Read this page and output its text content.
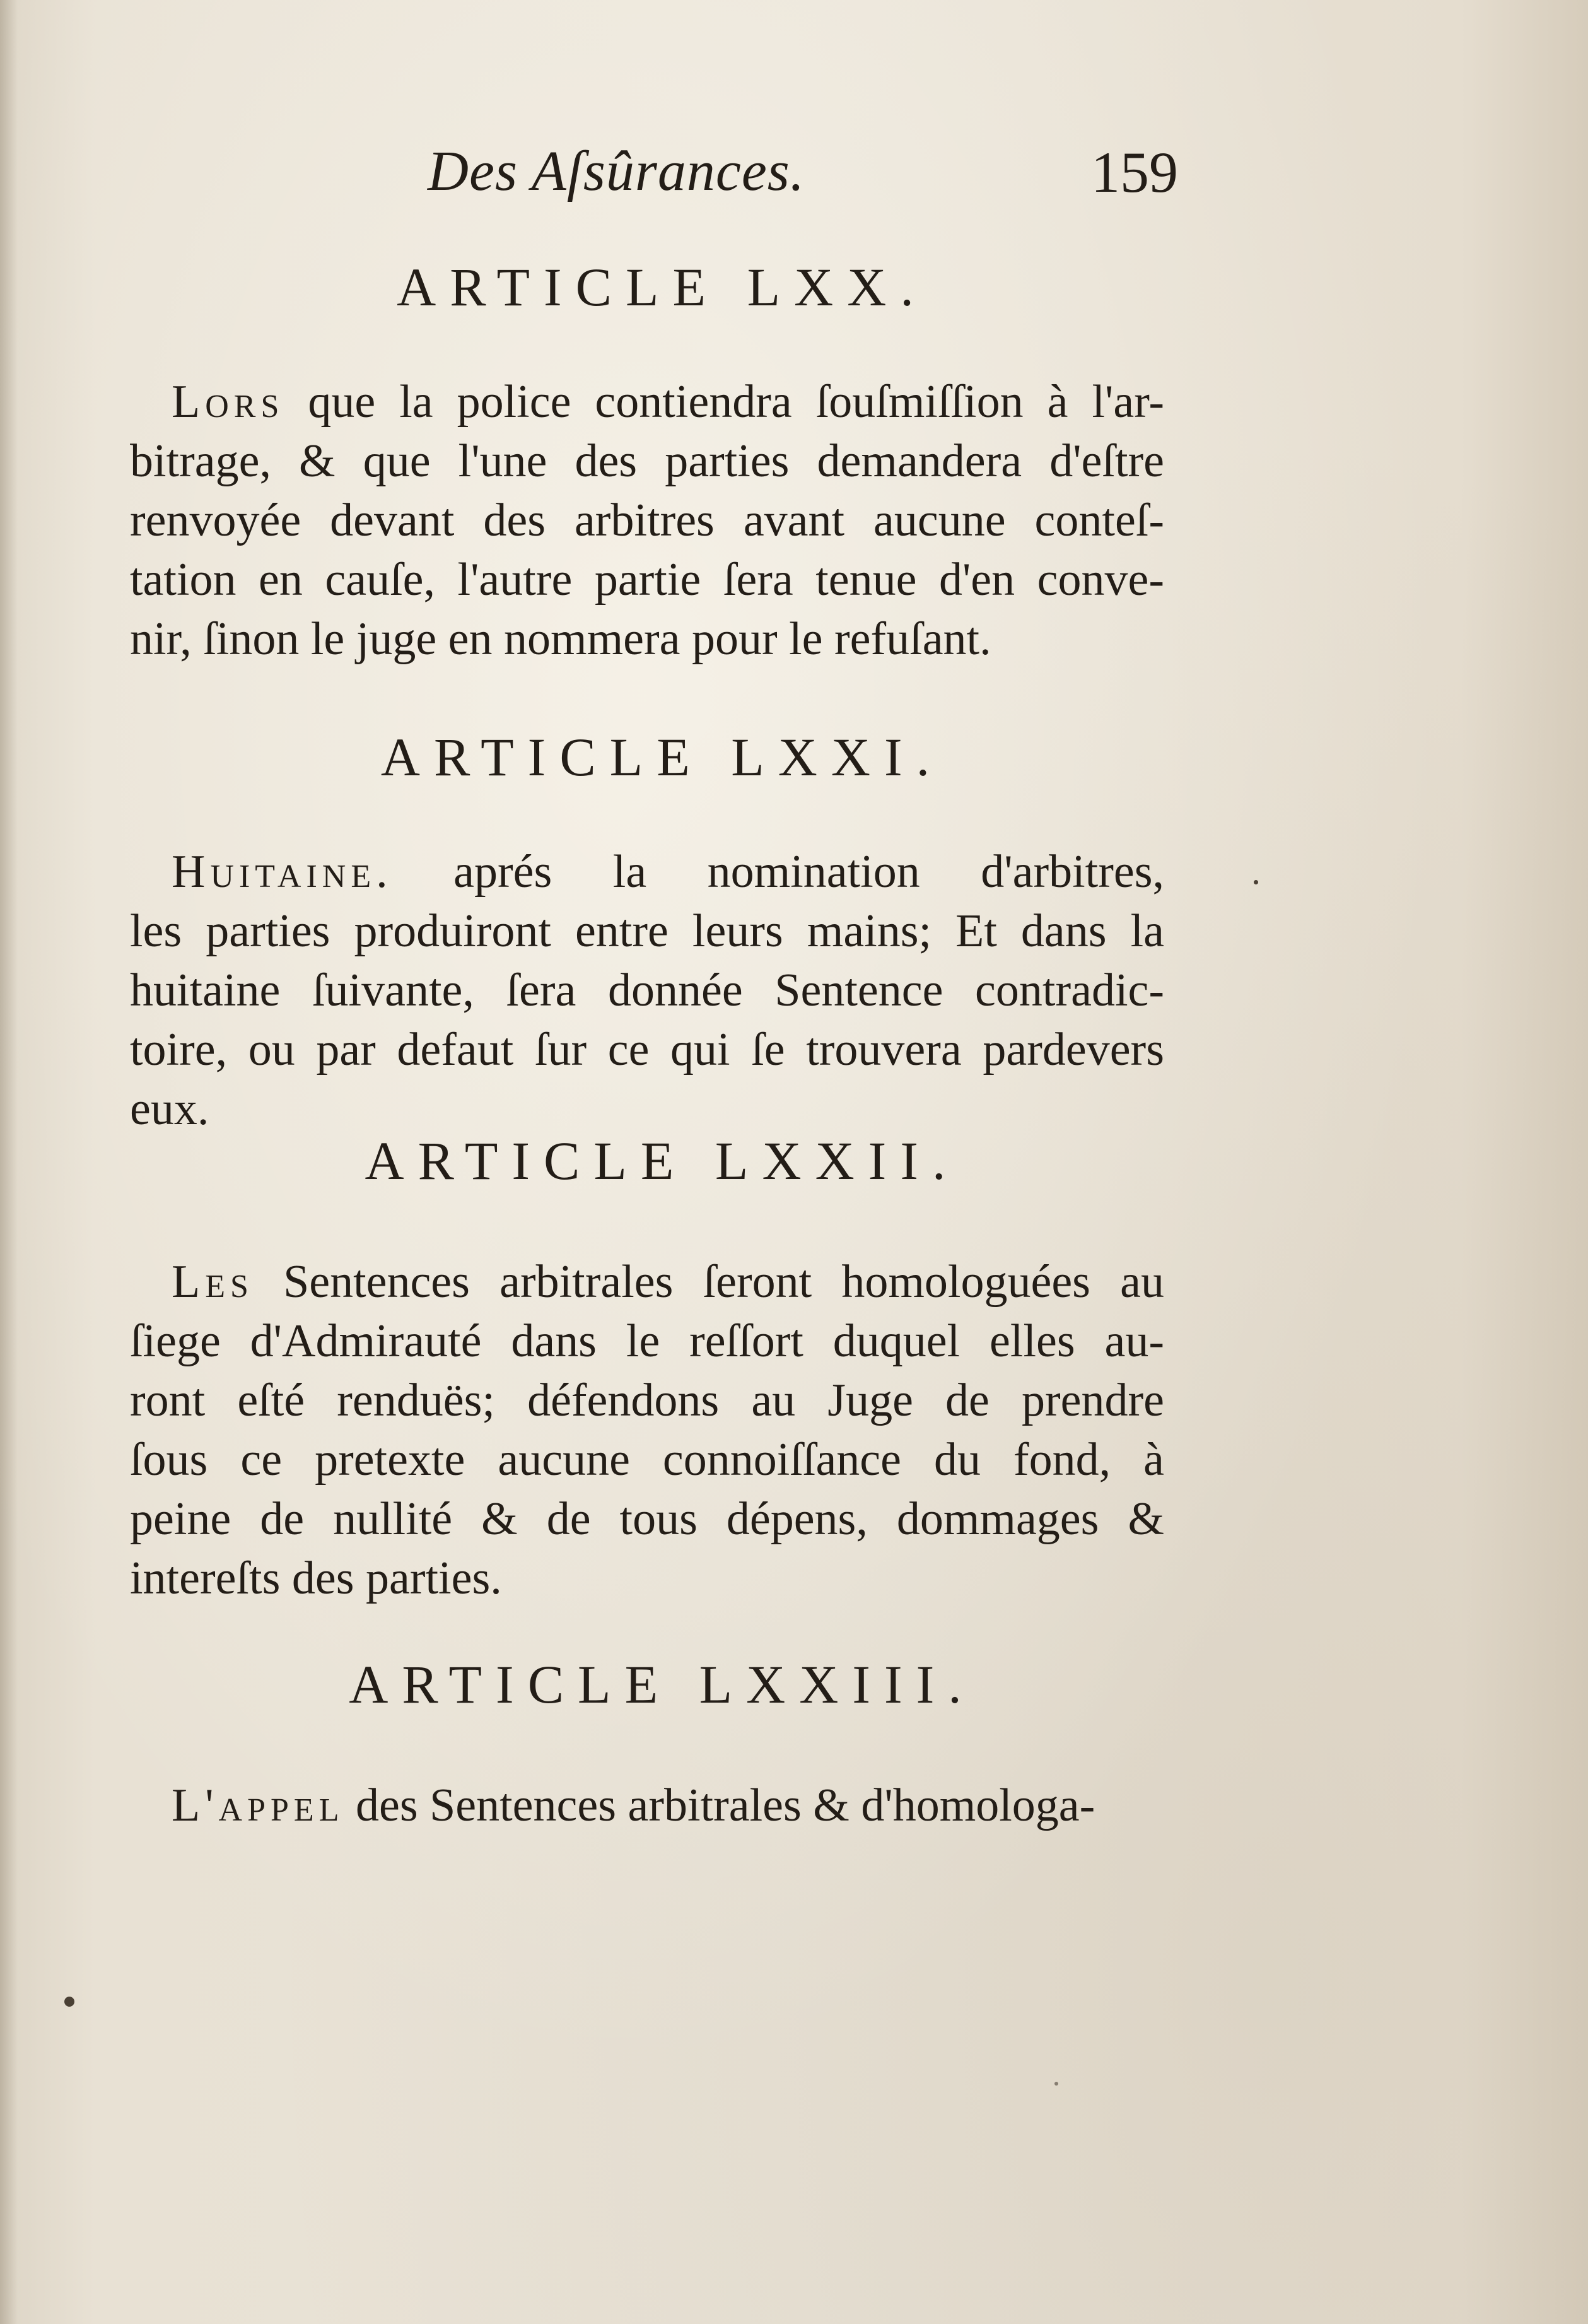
Des Aſsûrances.	159
ARTICLE LXX.
Lors que la police contiendra ſouſmiſſion à l'ar-
bitrage, & que l'une des parties demandera d'eſtre
renvoyée devant des arbitres avant aucune conteſ-
tation en cauſe, l'autre partie ſera tenue d'en conve-
nir, ſinon le juge en nommera pour le refuſant.
ARTICLE LXXI.
Huitaine. aprés la nomination d'arbitres,
les parties produiront entre leurs mains; Et dans la
huitaine ſuivante, ſera donnée Sentence contradic-
toire, ou par defaut ſur ce qui ſe trouvera pardevers
eux.
ARTICLE LXXII.
Les Sentences arbitrales ſeront homologuées au
ſiege d'Admirauté dans le reſſort duquel elles au-
ront eſté renduës; défendons au Juge de prendre
ſous ce pretexte aucune connoiſſance du fond, à
peine de nullité & de tous dépens, dommages &
intereſts des parties.
ARTICLE LXXIII.
L'appel des Sentences arbitrales & d'homologa-
